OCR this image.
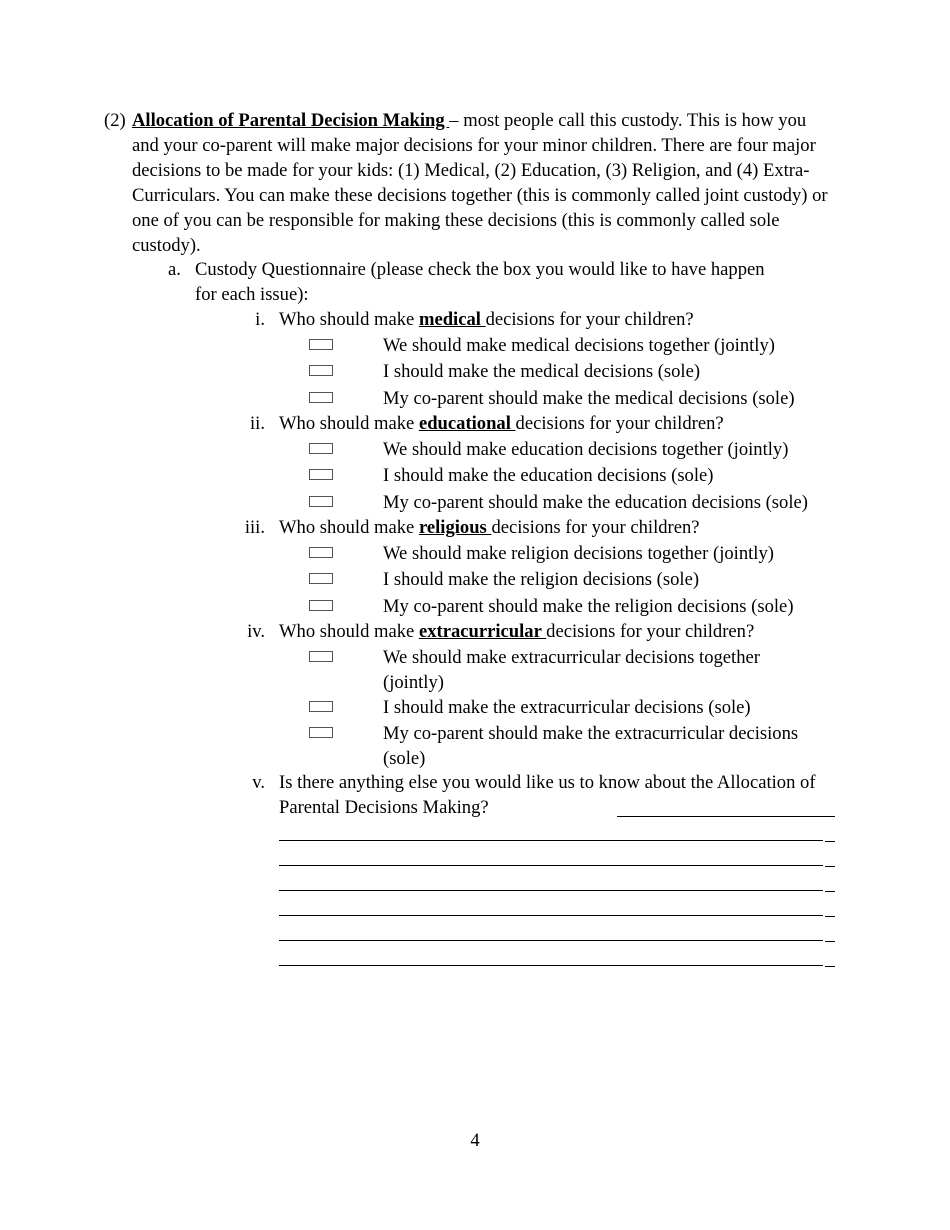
(2) Allocation of Parental Decision Making – most people call this custody. This is how you and your co-parent will make major decisions for your minor children. There are four major decisions to be made for your kids: (1) Medical, (2) Education, (3) Religion, and (4) Extra-Curriculars. You can make these decisions together (this is commonly called joint custody) or one of you can be responsible for making these decisions (this is commonly called sole custody).
a. Custody Questionnaire (please check the box you would like to have happen for each issue):
i. Who should make medical decisions for your children?
We should make medical decisions together (jointly)
I should make the medical decisions (sole)
My co-parent should make the medical decisions (sole)
ii. Who should make educational decisions for your children?
We should make education decisions together (jointly)
I should make the education decisions (sole)
My co-parent should make the education decisions (sole)
iii. Who should make religious decisions for your children?
We should make religion decisions together (jointly)
I should make the religion decisions (sole)
My co-parent should make the religion decisions (sole)
iv. Who should make extracurricular decisions for your children?
We should make extracurricular decisions together (jointly)
I should make the extracurricular decisions (sole)
My co-parent should make the extracurricular decisions (sole)
v. Is there anything else you would like us to know about the Allocation of Parental Decisions Making?
4
